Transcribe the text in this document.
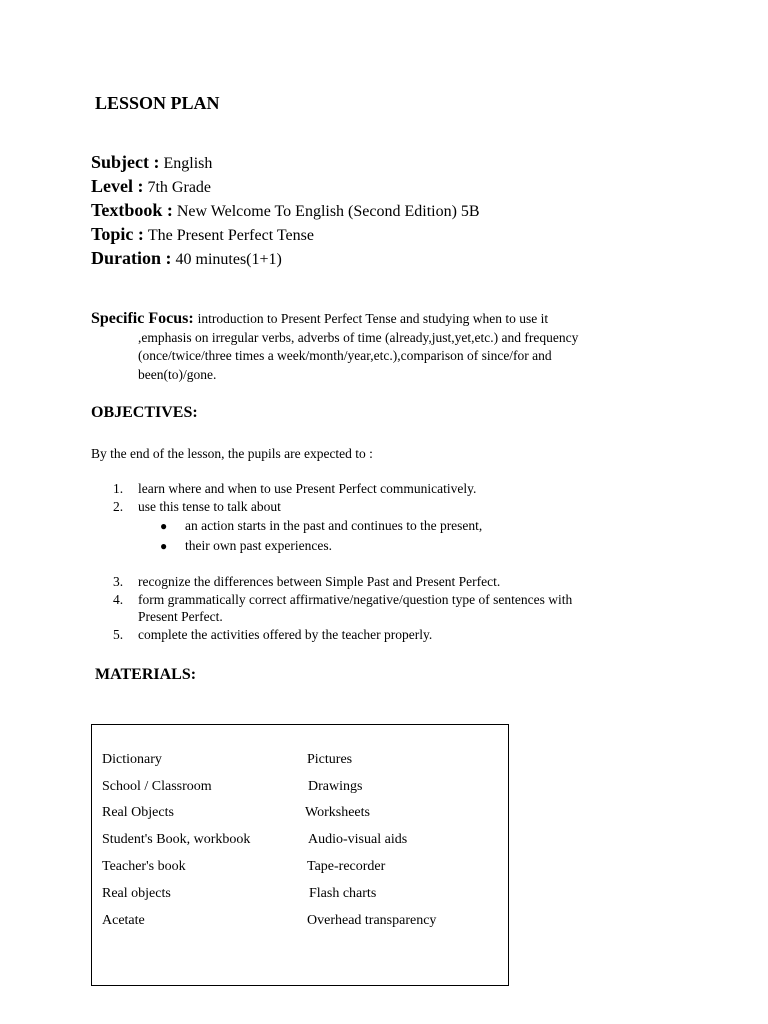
LESSON PLAN
Subject : English
Level : 7th Grade
Textbook : New Welcome To English (Second Edition) 5B
Topic : The Present Perfect Tense
Duration : 40 minutes(1+1)
Specific Focus: introduction to Present Perfect Tense and studying when to use it
,emphasis on irregular verbs, adverbs of time (already,just,yet,etc.) and frequency
(once/twice/three times a week/month/year,etc.),comparison of since/for and
been(to)/gone.
OBJECTIVES:
By the end of the lesson, the pupils are expected to :
1. learn where and when to use Present Perfect communicatively.
2. use this tense to talk about
● an action starts in the past and continues to the present,
● their own past experiences.
3. recognize the differences between Simple Past and Present Perfect.
4. form grammatically correct affirmative/negative/question type of sentences with
Present Perfect.
5. complete the activities offered by the teacher properly.
MATERIALS:
Dictionary
School / Classroom
Real Objects
Student's Book, workbook
Teacher's book
Real objects
Acetate
Pictures
Drawings
Worksheets
Audio-visual aids
Tape-recorder
Flash charts
Overhead transparency
